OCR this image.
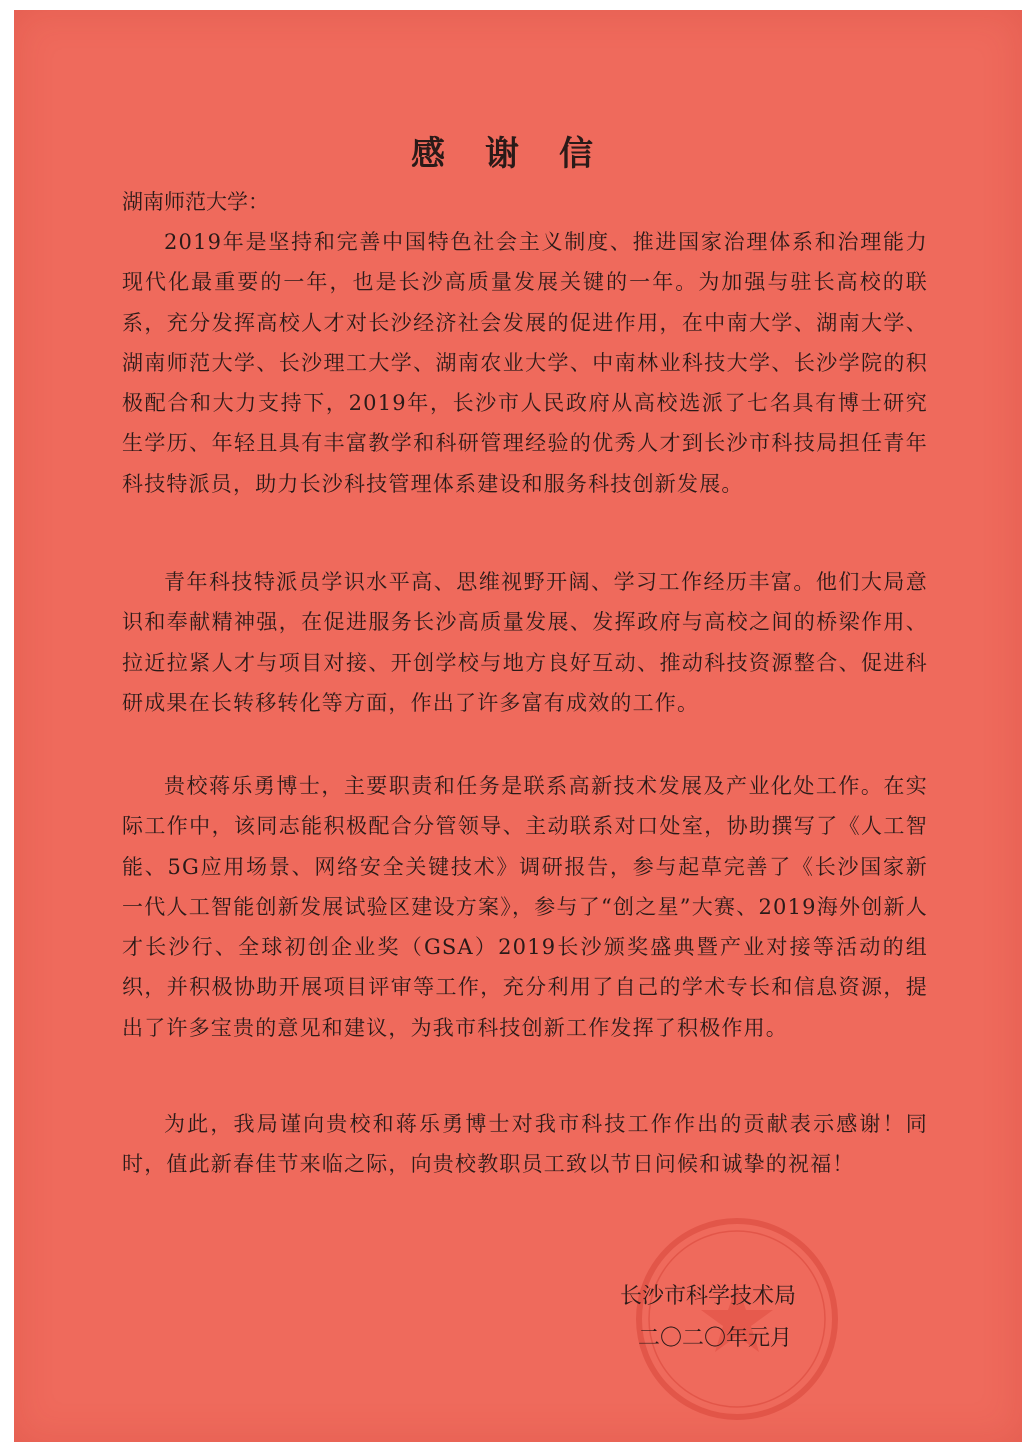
感谢信
湖南师范大学：

2019年是坚持和完善中国特色社会主义制度、推进国家治理体系和治理能力现代化最重要的一年，也是长沙高质量发展关键的一年。为加强与驻长高校的联系，充分发挥高校人才对长沙经济社会发展的促进作用，在中南大学、湖南大学、湖南师范大学、长沙理工大学、湖南农业大学、中南林业科技大学、长沙学院的积极配合和大力支持下，2019年，长沙市人民政府从高校选派了七名具有博士研究生学历、年轻且具有丰富教学和科研管理经验的优秀人才到长沙市科技局担任青年科技特派员，助力长沙科技管理体系建设和服务科技创新发展。

青年科技特派员学识水平高、思维视野开阔、学习工作经历丰富。他们大局意识和奉献精神强，在促进服务长沙高质量发展、发挥政府与高校之间的桥梁作用、拉近拉紧人才与项目对接、开创学校与地方良好互动、推动科技资源整合、促进科研成果在长转移转化等方面，作出了许多富有成效的工作。

贵校蒋乐勇博士，主要职责和任务是联系高新技术发展及产业化处工作。在实际工作中，该同志能积极配合分管领导、主动联系对口处室，协助撰写了《人工智能、5G应用场景、网络安全关键技术》调研报告，参与起草完善了《长沙国家新一代人工智能创新发展试验区建设方案》，参与了“创之星”大赛、2019海外创新人才长沙行、全球初创企业奖（GSA）2019长沙颁奖盛典暨产业对接等活动的组织，并积极协助开展项目评审等工作，充分利用了自己的学术专长和信息资源，提出了许多宝贵的意见和建议，为我市科技创新工作发挥了积极作用。

为此，我局谨向贵校和蒋乐勇博士对我市科技工作作出的贡献表示感谢！同时，值此新春佳节来临之际，向贵校教职员工致以节日问候和诚挚的祝福！

长沙市科学技术局
二〇二〇年元月
